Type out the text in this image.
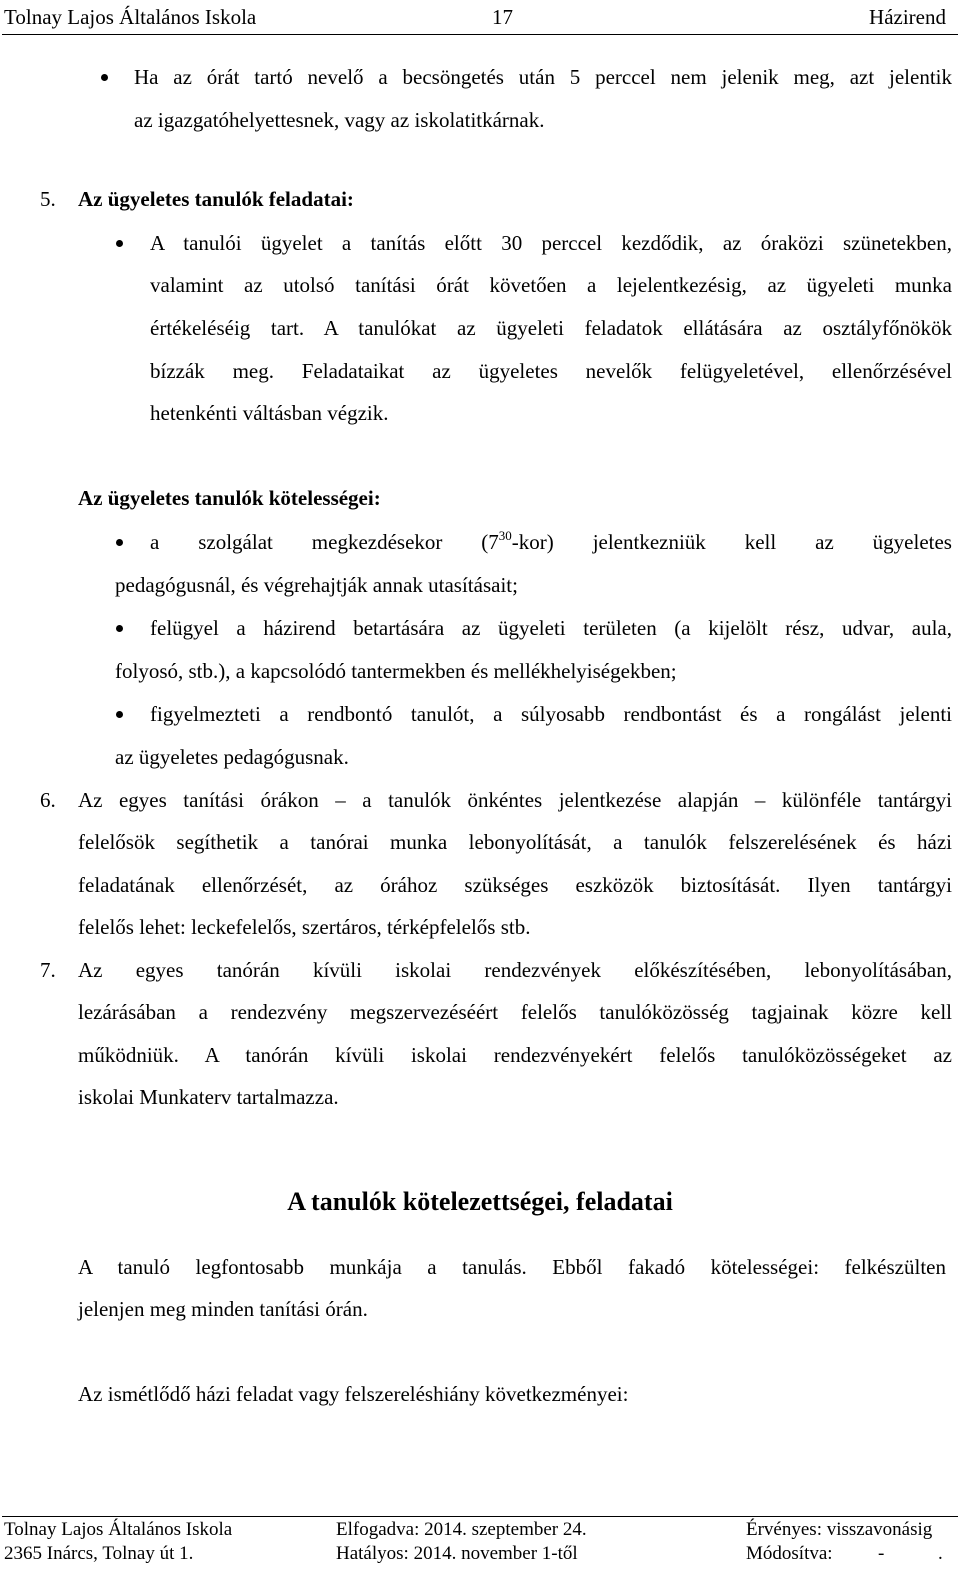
Tolnay Lajos Általános Iskola	17	Házirend
Ha az órát tartó nevelő a becsöngetés után 5 perccel nem jelenik meg, azt jelentik
az igazgatóhelyettesnek, vagy az iskolatitkárnak.
5. Az ügyeletes tanulók feladatai:
A tanulói ügyelet a tanítás előtt 30 perccel kezdődik, az óraközi szünetekben,
valamint az utolsó tanítási órát követően a lejelentkezésig, az ügyeleti munka
értékeléséig tart. A tanulókat az ügyeleti feladatok ellátására az osztályfőnökök
bízzák meg. Feladataikat az ügyeletes nevelők felügyeletével, ellenőrzésével
hetenkénti váltásban végzik.
Az ügyeletes tanulók kötelességei:
a szolgálat megkezdésekor $(7^{30}-kor)$ jelentkezniük kell az ügyeletes
pedagógusnál, és végrehajtják annak utasításait;
felügyel a házirend betartására az ügyeleti területen (a kijelölt rész, udvar, aula,
folyosó, stb.), a kapcsolódó tantermekben és mellékhelyiségekben;
figyelmezteti a rendbontó tanulót, a súlyosabb rendbontást és a rongálást jelenti
az ügyeletes pedagógusnak.
6. Az egyes tanítási órákon – a tanulók önkéntes jelentkezése alapján – különféle tantárgyi
felelősök segíthetik a tanórai munka lebonyolítását, a tanulók felszerelésének és házi
feladatának ellenőrzését, az órához szükséges eszközök biztosítását. Ilyen tantárgyi
felelős lehet: leckefelelős, szertáros, térképfelelős stb.
7. Az egyes tanórán kívüli iskolai rendezvények előkészítésében, lebonyolításában,
lezárásában a rendezvény megszervezéséért felelős tanulóközösség tagjainak közre kell
működniük. A tanórán kívüli iskolai rendezvényekért felelős tanulóközösségeket az
iskolai Munkaterv tartalmazza.
A tanulók kötelezettségei, feladatai
A tanuló legfontosabb munkája a tanulás. Ebből fakadó kötelességei: felkészülten
jelenjen meg minden tanítási órán.
Az ismétlődő házi feladat vagy felszereléshiány következményei:
Tolnay Lajos Általános Iskola
2365 Inárcs, Tolnay út 1.
Elfogadva: 2014. szeptember 24.
Hatályos: 2014. november 1-től
Érvényes: visszavonásig
Módosítva: -	.
